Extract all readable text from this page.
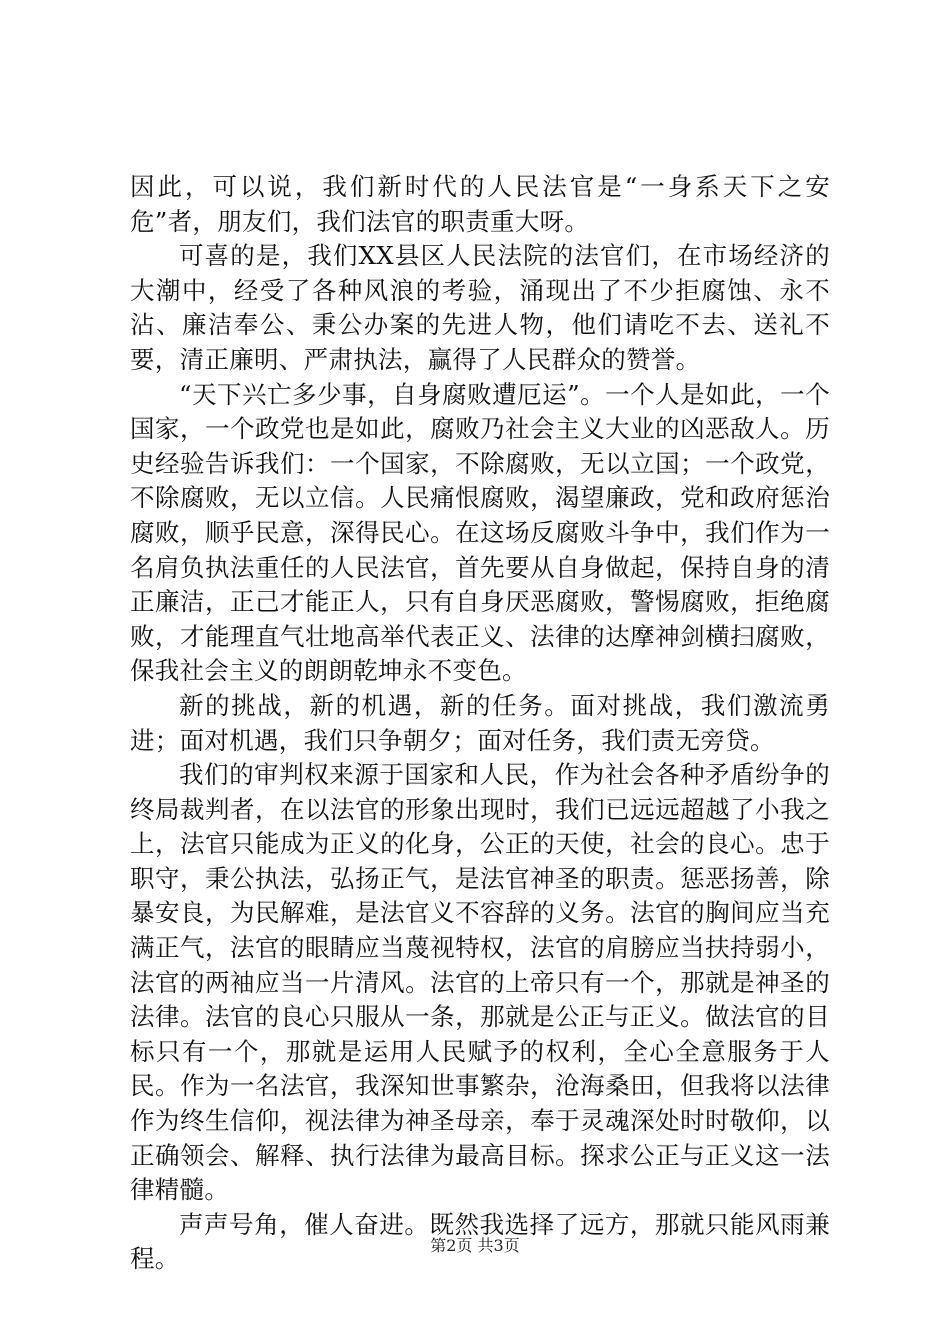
因此，可以说，我们新时代的人民法官是“一身系天下之安危”者，朋友们，我们法官的职责重大呀。

可喜的是，我们XX县区人民法院的法官们，在市场经济的大潮中，经受了各种风浪的考验，涌现出了不少拒腐蚀、永不沾、廉洁奉公、秉公办案的先进人物，他们请吃不去、送礼不要，清正廉明、严肃执法，赢得了人民群众的赞誉。

“天下兴亡多少事，自身腐败遭厄运”。一个人是如此，一个国家，一个政党也是如此，腐败乃社会主义大业的凶恶敌人。历史经验告诉我们：一个国家，不除腐败，无以立国；一个政党，不除腐败，无以立信。人民痛恨腐败，渴望廉政，党和政府惩治腐败，顺乎民意，深得民心。在这场反腐败斗争中，我们作为一名肩负执法重任的人民法官，首先要从自身做起，保持自身的清正廉洁，正己才能正人，只有自身厌恶腐败，警惕腐败，拒绝腐败，才能理直气壮地高举代表正义、法律的达摩神剑横扫腐败，保我社会主义的朗朗乾坤永不变色。

新的挑战，新的机遇，新的任务。面对挑战，我们激流勇进；面对机遇，我们只争朝夕；面对任务，我们责无旁贷。

我们的审判权来源于国家和人民，作为社会各种矛盾纷争的终局裁判者，在以法官的形象出现时，我们已远远超越了小我之上，法官只能成为正义的化身，公正的天使，社会的良心。忠于职守，秉公执法，弘扬正气，是法官神圣的职责。惩恶扬善，除暴安良，为民解难，是法官义不容辞的义务。法官的胸间应当充满正气，法官的眼睛应当蔑视特权，法官的肩膀应当扶持弱小，法官的两袖应当一片清风。法官的上帝只有一个，那就是神圣的法律。法官的良心只服从一条，那就是公正与正义。做法官的目标只有一个，那就是运用人民赋予的权利，全心全意服务于人民。作为一名法官，我深知世事繁杂，沧海桑田，但我将以法律作为终生信仰，视法律为神圣母亲，奉于灵魂深处时时敬仰，以正确领会、解释、执行法律为最高目标。探求公正与正义这一法律精髓。

声声号角，催人奋进。既然我选择了远方，那就只能风雨兼程。	第2页 共3页
